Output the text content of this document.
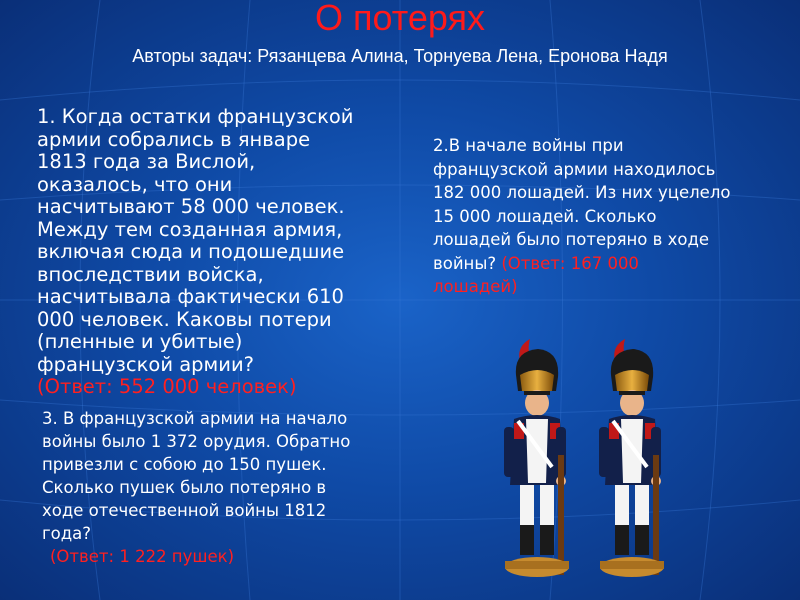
О потерях
Авторы задач: Рязанцева Алина, Торнуева Лена, Еронова Надя

1. Когда остатки французской
армии собрались в январе
1813 года за Вислой,
оказалось, что они
насчитывают 58 000 человек.
Между тем созданная армия,
включая сюда и подошедшие
впоследствии войска,
насчитывала фактически 610
000 человек. Каковы потери
(пленные и убитые)
французской армии?
(Ответ: 552 000 человек)

2.В начале войны при
французской армии находилось
182 000 лошадей. Из них уцелело
15 000 лошадей. Сколько
лошадей было потеряно в ходе
войны? (Ответ: 167 000
лошадей)

3. В французской армии на начало
войны было 1 372 орудия. Обратно
привезли с собою до 150 пушек.
Сколько пушек было потеряно в
ходе отечественной войны 1812
года?

(Ответ: 1 222 пушек)
